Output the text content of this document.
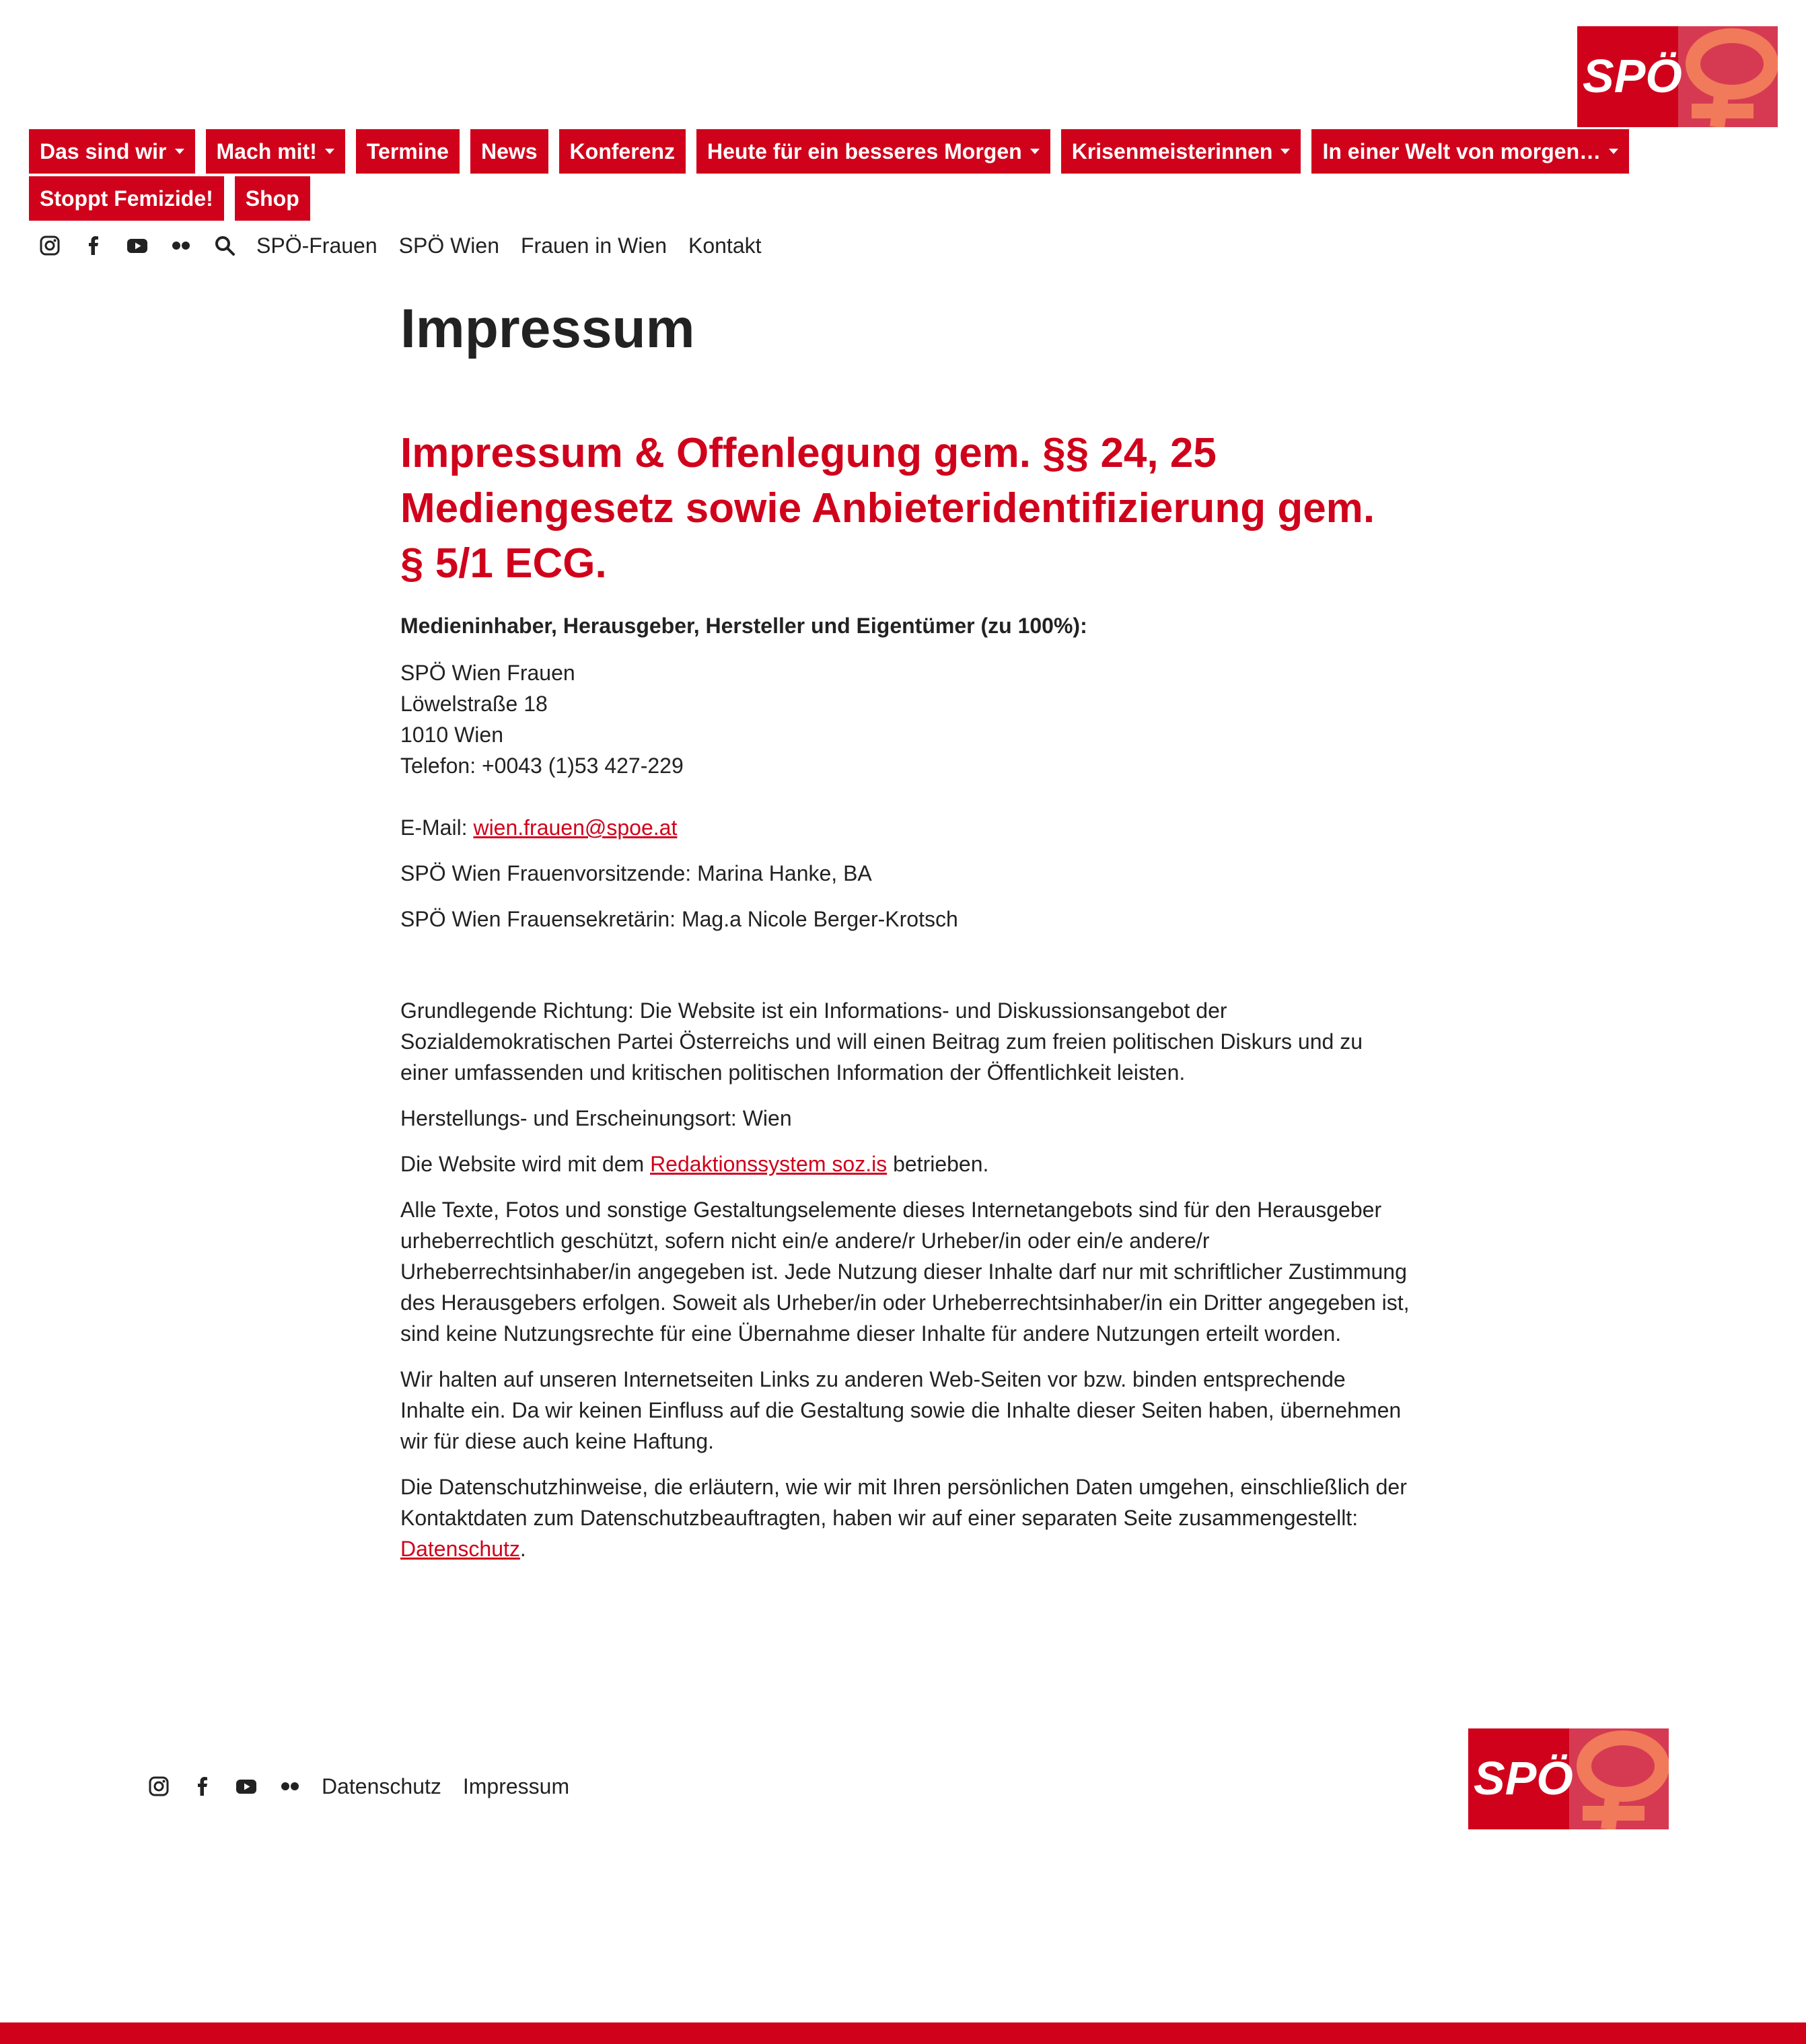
SPÖ
Das sind wir Mach mit! Termine News Konferenz Heute für ein besseres Morgen Krisenmeisterinnen In einer Welt von morgen…
Stoppt Femizide! Shop
SPÖ-Frauen SPÖ Wien Frauen in Wien Kontakt
Impressum
Impressum & Offenlegung gem. §§ 24, 25 Mediengesetz sowie Anbieteridentifizierung gem. § 5/1 ECG.

Medieninhaber, Herausgeber, Hersteller und Eigentümer (zu 100%):

SPÖ Wien Frauen
Löwelstraße 18
1010 Wien
Telefon: +0043 (1)53 427-229

E-Mail: wien.frauen@spoe.at

SPÖ Wien Frauenvorsitzende: Marina Hanke, BA

SPÖ Wien Frauensekretärin: Mag.a Nicole Berger-Krotsch

Grundlegende Richtung: Die Website ist ein Informations- und Diskussionsangebot der Sozialdemokratischen Partei Österreichs und will einen Beitrag zum freien politischen Diskurs und zu einer umfassenden und kritischen politischen Information der Öffentlichkeit leisten.

Herstellungs- und Erscheinungsort: Wien

Die Website wird mit dem Redaktionssystem soz.is betrieben.

Alle Texte, Fotos und sonstige Gestaltungselemente dieses Internetangebots sind für den Herausgeber urheberrechtlich geschützt, sofern nicht ein/e andere/r Urheber/in oder ein/e andere/r Urheberrechtsinhaber/in angegeben ist. Jede Nutzung dieser Inhalte darf nur mit schriftlicher Zustimmung des Herausgebers erfolgen. Soweit als Urheber/in oder Urheberrechtsinhaber/in ein Dritter angegeben ist, sind keine Nutzungsrechte für eine Übernahme dieser Inhalte für andere Nutzungen erteilt worden.

Wir halten auf unseren Internetseiten Links zu anderen Web-Seiten vor bzw. binden entsprechende Inhalte ein. Da wir keinen Einfluss auf die Gestaltung sowie die Inhalte dieser Seiten haben, übernehmen wir für diese auch keine Haftung.

Die Datenschutzhinweise, die erläutern, wie wir mit Ihren persönlichen Daten umgehen, einschließlich der Kontaktdaten zum Datenschutzbeauftragten, haben wir auf einer separaten Seite zusammengestellt: Datenschutz.

Datenschutz Impressum	SPÖ
